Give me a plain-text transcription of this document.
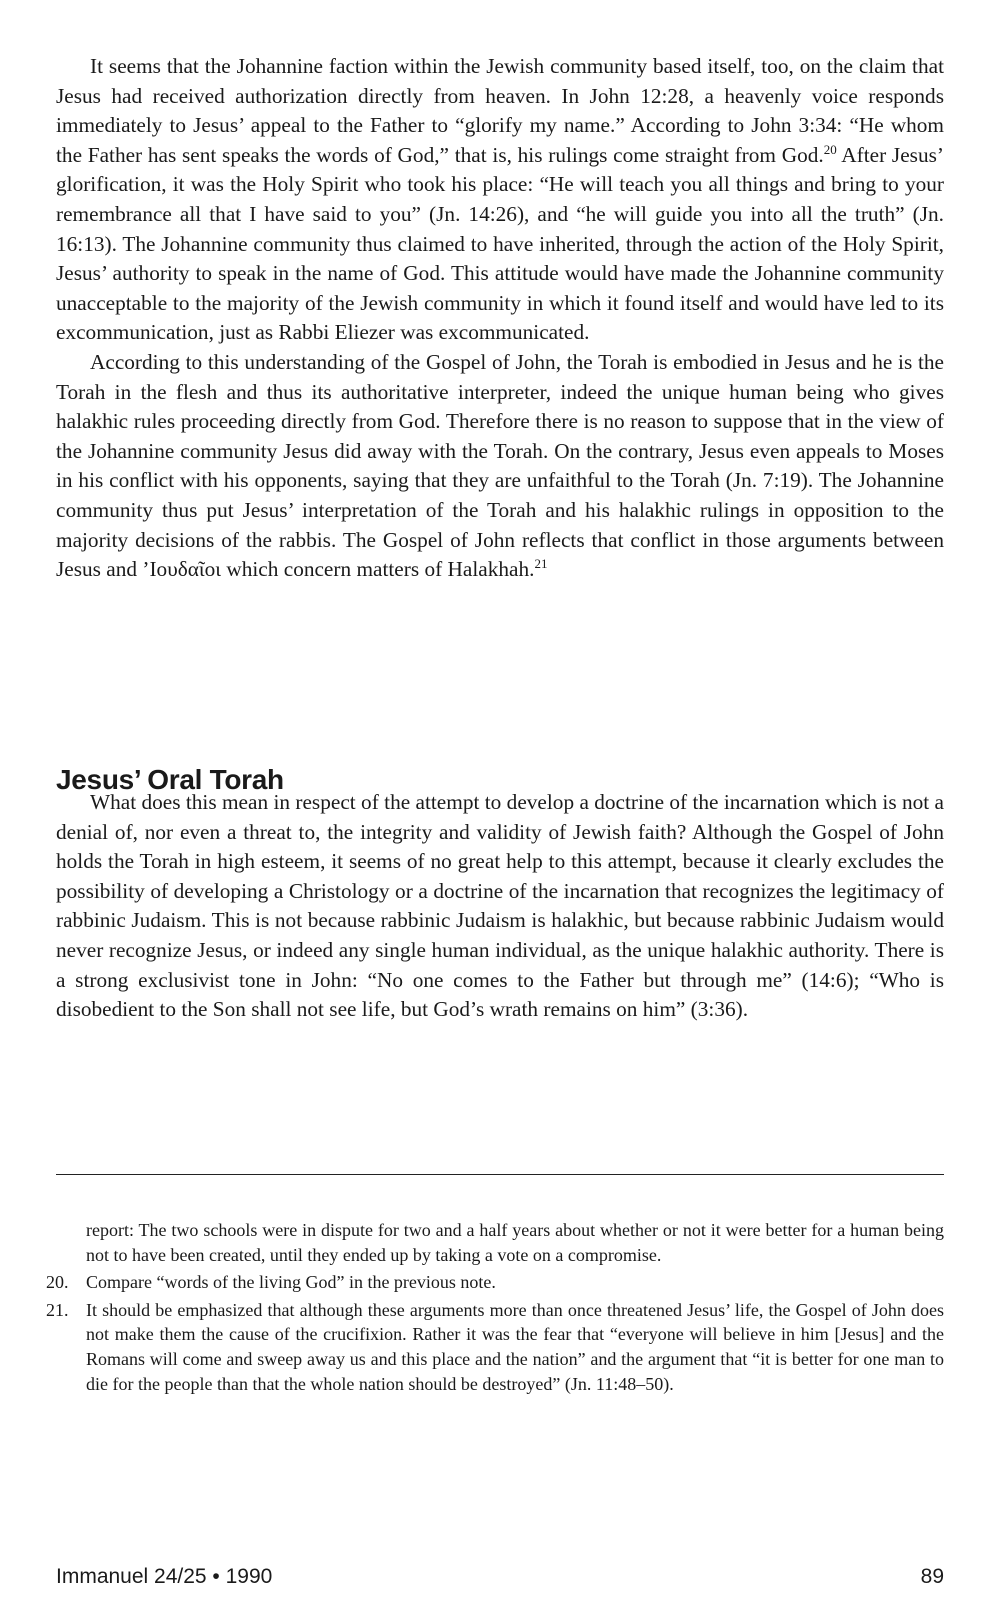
It seems that the Johannine faction within the Jewish community based itself, too, on the claim that Jesus had received authorization directly from heaven. In John 12:28, a heavenly voice responds immediately to Jesus’ appeal to the Father to “glorify my name.” According to John 3:34: “He whom the Father has sent speaks the words of God,” that is, his rulings come straight from God.$^{20}$ After Jesus’ glorification, it was the Holy Spirit who took his place: “He will teach you all things and bring to your remembrance all that I have said to you” (Jn. 14:26), and “he will guide you into all the truth” (Jn. 16:13). The Johannine community thus claimed to have inherited, through the action of the Holy Spirit, Jesus’ authority to speak in the name of God. This attitude would have made the Johannine community unacceptable to the majority of the Jewish community in which it found itself and would have led to its excommunication, just as Rabbi Eliezer was excommunicated.

According to this understanding of the Gospel of John, the Torah is embodied in Jesus and he is the Torah in the flesh and thus its authoritative interpreter, indeed the unique human being who gives halakhic rules proceeding directly from God. Therefore there is no reason to suppose that in the view of the Johannine community Jesus did away with the Torah. On the contrary, Jesus even appeals to Moses in his conflict with his opponents, saying that they are unfaithful to the Torah (Jn. 7:19). The Johannine community thus put Jesus’ interpretation of the Torah and his halakhic rulings in opposition to the majority decisions of the rabbis. The Gospel of John reflects that conflict in those arguments between Jesus and ’Ιουδαῖοι which concern matters of Halakhah.$^{21}$

Jesus’ Oral Torah

What does this mean in respect of the attempt to develop a doctrine of the incarnation which is not a denial of, nor even a threat to, the integrity and validity of Jewish faith? Although the Gospel of John holds the Torah in high esteem, it seems of no great help to this attempt, because it clearly excludes the possibility of developing a Christology or a doctrine of the incarnation that recognizes the legitimacy of rabbinic Judaism. This is not because rabbinic Judaism is halakhic, but because rabbinic Judaism would never recognize Jesus, or indeed any single human individual, as the unique halakhic authority. There is a strong exclusivist tone in John: “No one comes to the Father but through me” (14:6); “Who is disobedient to the Son shall not see life, but God’s wrath remains on him” (3:36).

report: The two schools were in dispute for two and a half years about whether or not it were better for a human being not to have been created, until they ended up by taking a vote on a compromise.

20. Compare “words of the living God” in the previous note.

21. It should be emphasized that although these arguments more than once threatened Jesus’ life, the Gospel of John does not make them the cause of the crucifixion. Rather it was the fear that “everyone will believe in him [Jesus] and the Romans will come and sweep away us and this place and the nation” and the argument that “it is better for one man to die for the people than that the whole nation should be destroyed” (Jn. 11:48–50).

Immanuel 24/25 • 1990	89
